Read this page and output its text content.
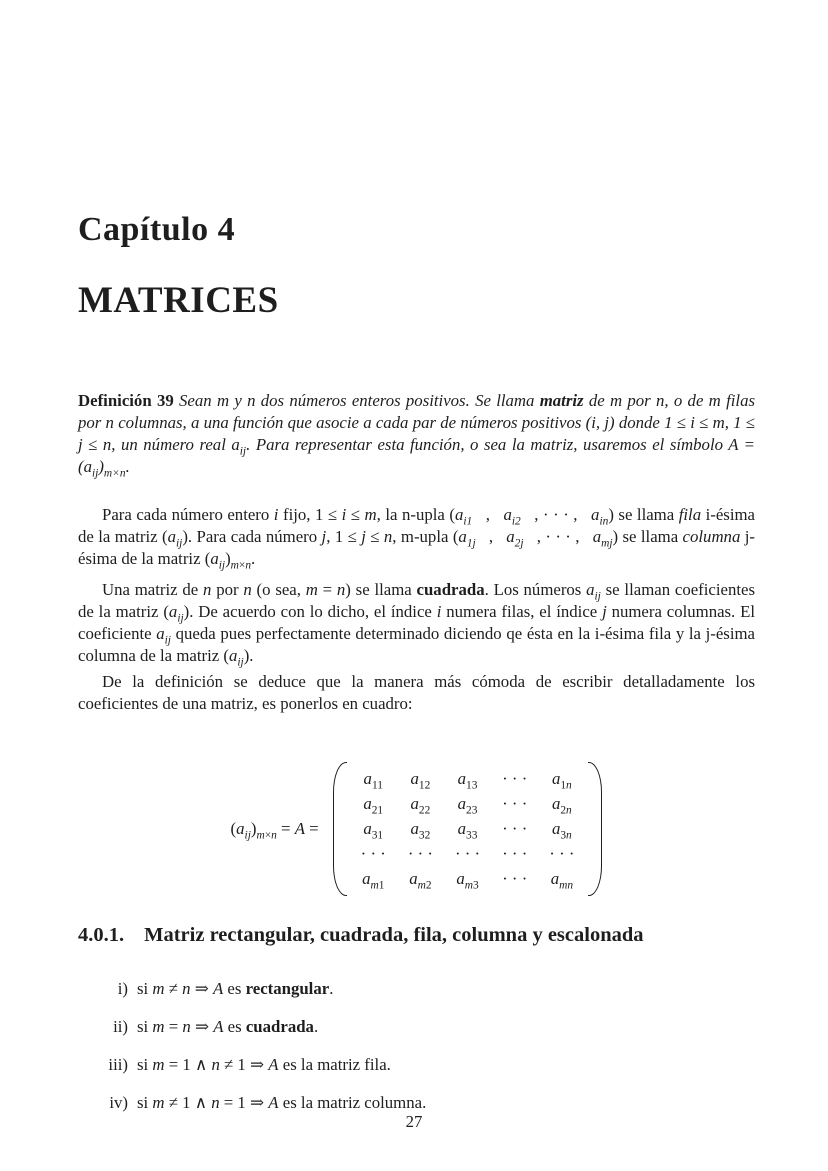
Capítulo 4
MATRICES
Definición 39 Sean m y n dos números enteros positivos. Se llama matriz de m por n, o de m filas por n columnas, a una función que asocie a cada par de números positivos (i, j) donde 1 ≤ i ≤ m, 1 ≤ j ≤ n, un número real $a_{ij}$. Para representar esta función, o sea la matriz, usaremos el símbolo $A = (a_{ij})_{m\times n}$.
Para cada número entero i fijo, 1 ≤ i ≤ m, la n-upla ($a_{i1}$   ,   $a_{i2}$   , · · · ,   $a_{in}$) se llama fila i-ésima de la matriz $(a_{ij})$. Para cada número j, 1 ≤ j ≤ n, m-upla ($a_{1j}$   ,   $a_{2j}$   , · · · ,   $a_{mj}$) se llama columna j-ésima de la matriz $(a_{ij})_{m\times n}$.
Una matriz de n por n (o sea, m = n) se llama cuadrada. Los números $a_{ij}$ se llaman coeficientes de la matriz $(a_{ij})$. De acuerdo con lo dicho, el índice i numera filas, el índice j numera columnas. El coeficiente $a_{ij}$ queda pues perfectamente determinado diciendo qe ésta en la i-ésima fila y la j-ésima columna de la matriz $(a_{ij})$.
De la definición se deduce que la manera más cómoda de escribir detalladamente los coeficientes de una matriz, es ponerlos en cuadro:
$(a_{ij})_{m\times n} = A$ =
$a_{11}$ $a_{12}$ $a_{13}$ · · · $a_{1n}$
$a_{21}$ $a_{22}$ $a_{23}$ · · · $a_{2n}$
$a_{31}$ $a_{32}$ $a_{33}$ · · · $a_{3n}$
· · · · · · · · · · · · · · ·
$a_{m1}$ $a_{m2}$ $a_{m3}$ · · · $a_{mn}$
4.0.1. Matriz rectangular, cuadrada, fila, columna y escalonada
i) si m ≠ n ⇒ A es rectangular.
ii) si m = n ⇒ A es cuadrada.
iii) si m = 1 ∧ n ≠ 1 ⇒ A es la matriz fila.
iv) si m ≠ 1 ∧ n = 1 ⇒ A es la matriz columna.
27
